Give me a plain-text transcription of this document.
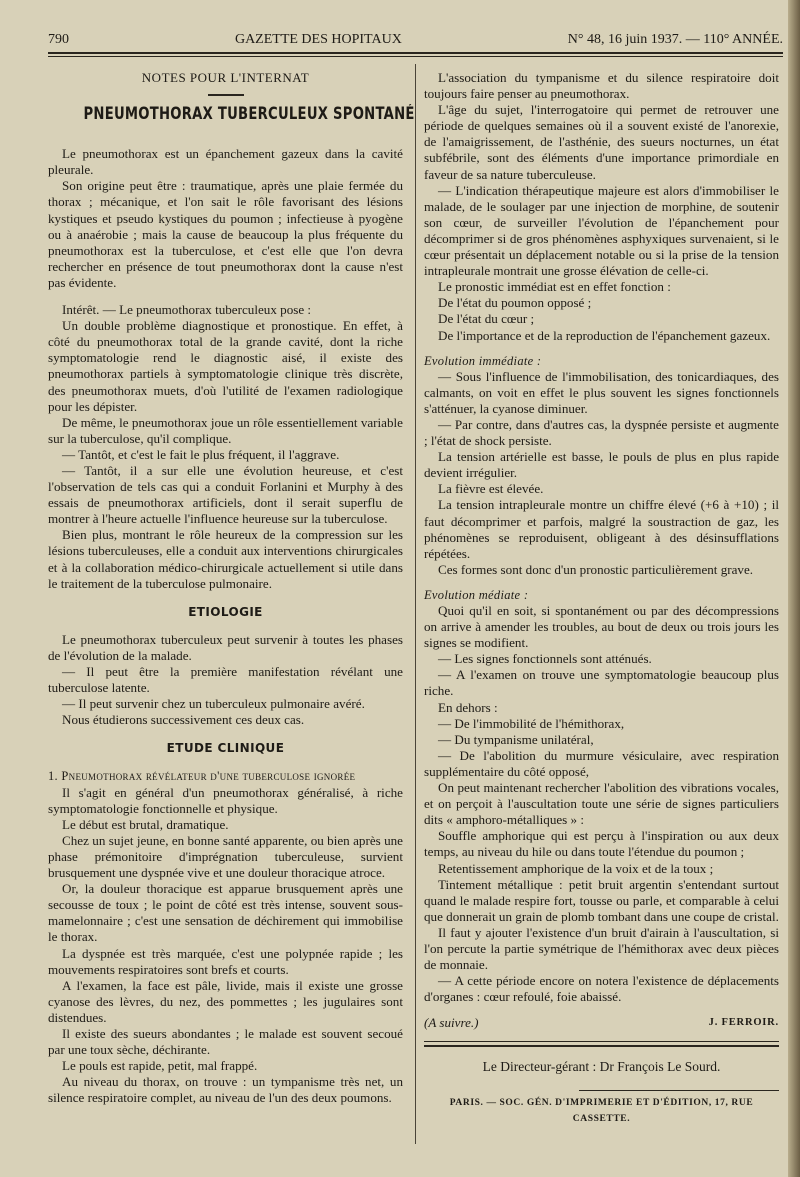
790	GAZETTE DES HOPITAUX	N° 48, 16 juin 1937. — 110° ANNÉE.

NOTES POUR L'INTERNAT

PNEUMOTHORAX TUBERCULEUX SPONTANÉ

Le pneumothorax est un épanchement gazeux dans la cavité pleurale.

Son origine peut être : traumatique, après une plaie fermée du thorax ; mécanique, et l'on sait le rôle favorisant des lésions kystiques et pseudo kystiques du poumon ; infectieuse à pyogène ou à anaérobie ; mais la cause de beaucoup la plus fréquente du pneumothorax est la tuberculose, et c'est elle que l'on devra rechercher en présence de tout pneumothorax dont la cause n'est pas évidente.

Intérêt. — Le pneumothorax tuberculeux pose :

Un double problème diagnostique et pronostique. En effet, à côté du pneumothorax total de la grande cavité, dont la riche symptomatologie rend le diagnostic aisé, il existe des pneumothorax partiels à symptomatologie clinique très discrète, des pneumothorax muets, d'où l'utilité de l'examen radiologique pour les dépister.

De même, le pneumothorax joue un rôle essentiellement variable sur la tuberculose, qu'il complique.

— Tantôt, et c'est le fait le plus fréquent, il l'aggrave.

— Tantôt, il a sur elle une évolution heureuse, et c'est l'observation de tels cas qui a conduit Forlanini et Murphy à des essais de pneumothorax artificiels, dont il serait superflu de montrer à l'heure actuelle l'influence heureuse sur la tuberculose.

Bien plus, montrant le rôle heureux de la compression sur les lésions tuberculeuses, elle a conduit aux interventions chirurgicales et à la collaboration médico-chirurgicale actuellement si utile dans le traitement de la tuberculose pulmonaire.

ETIOLOGIE

Le pneumothorax tuberculeux peut survenir à toutes les phases de l'évolution de la malade.

— Il peut être la première manifestation révélant une tuberculose latente.

— Il peut survenir chez un tuberculeux pulmonaire avéré.

Nous étudierons successivement ces deux cas.

ETUDE CLINIQUE

1. Pneumothorax révélateur d'une tuberculose ignorée

Il s'agit en général d'un pneumothorax généralisé, à riche symptomatologie fonctionnelle et physique.

Le début est brutal, dramatique.

Chez un sujet jeune, en bonne santé apparente, ou bien après une phase prémonitoire d'imprégnation tuberculeuse, survient brusquement une dyspnée vive et une douleur thoracique atroce.

Or, la douleur thoracique est apparue brusquement après une secousse de toux ; le point de côté est très intense, souvent sous-mamelonnaire ; c'est une sensation de déchirement qui immobilise le thorax.

La dyspnée est très marquée, c'est une polypnée rapide ; les mouvements respiratoires sont brefs et courts.

A l'examen, la face est pâle, livide, mais il existe une grosse cyanose des lèvres, du nez, des pommettes ; les jugulaires sont distendues.

Il existe des sueurs abondantes ; le malade est souvent secoué par une toux sèche, déchirante.

Le pouls est rapide, petit, mal frappé.

Au niveau du thorax, on trouve : un tympanisme très net, un silence respiratoire complet, au niveau de l'un des deux poumons.

L'association du tympanisme et du silence respiratoire doit toujours faire penser au pneumothorax.

L'âge du sujet, l'interrogatoire qui permet de retrouver une période de quelques semaines où il a souvent existé de l'anorexie, de l'amaigrissement, de l'asthénie, des sueurs nocturnes, un état subfébrile, sont des éléments d'une importance primordiale en faveur de sa nature tuberculeuse.

— L'indication thérapeutique majeure est alors d'immobiliser le malade, de le soulager par une injection de morphine, de soutenir son cœur, de surveiller l'évolution de l'épanchement pour décomprimer si de gros phénomènes asphyxiques survenaient, si le cœur présentait un déplacement notable ou si la prise de la tension intrapleurale montrait une grosse élévation de celle-ci.

Le pronostic immédiat est en effet fonction :

De l'état du poumon opposé ;

De l'état du cœur ;

De l'importance et de la reproduction de l'épanchement gazeux.

Evolution immédiate :

— Sous l'influence de l'immobilisation, des tonicardiaques, des calmants, on voit en effet le plus souvent les signes fonctionnels s'atténuer, la cyanose diminuer.

— Par contre, dans d'autres cas, la dyspnée persiste et augmente ; l'état de shock persiste.

La tension artérielle est basse, le pouls de plus en plus rapide devient irrégulier.

La fièvre est élevée.

La tension intrapleurale montre un chiffre élevé (+6 à +10) ; il faut décomprimer et parfois, malgré la soustraction de gaz, les phénomènes se reproduisent, obligeant à des désinsufflations répétées.

Ces formes sont donc d'un pronostic particulièrement grave.

Evolution médiate :

Quoi qu'il en soit, si spontanément ou par des décompressions on arrive à amender les troubles, au bout de deux ou trois jours les signes se modifient.

— Les signes fonctionnels sont atténués.

— A l'examen on trouve une symptomatologie beaucoup plus riche.

En dehors :

— De l'immobilité de l'hémithorax,

— Du tympanisme unilatéral,

— De l'abolition du murmure vésiculaire, avec respiration supplémentaire du côté opposé,

On peut maintenant rechercher l'abolition des vibrations vocales, et on perçoit à l'auscultation toute une série de signes particuliers dits « amphoro-métalliques » :

Souffle amphorique qui est perçu à l'inspiration ou aux deux temps, au niveau du hile ou dans toute l'étendue du poumon ;

Retentissement amphorique de la voix et de la toux ;

Tintement métallique : petit bruit argentin s'entendant surtout quand le malade respire fort, tousse ou parle, et comparable à celui que donnerait un grain de plomb tombant dans une coupe de cristal.

Il faut y ajouter l'existence d'un bruit d'airain à l'auscultation, si l'on percute la partie symétrique de l'hémithorax avec deux pièces de monnaie.

— A cette période encore on notera l'existence de déplacements d'organes : cœur refoulé, foie abaissé.

(A suivre.)	J. FERROIR.
Le Directeur-gérant : Dr François Le Sourd.
PARIS. — SOC. GÉN. D'IMPRIMERIE ET D'ÉDITION, 17, RUE CASSETTE.
